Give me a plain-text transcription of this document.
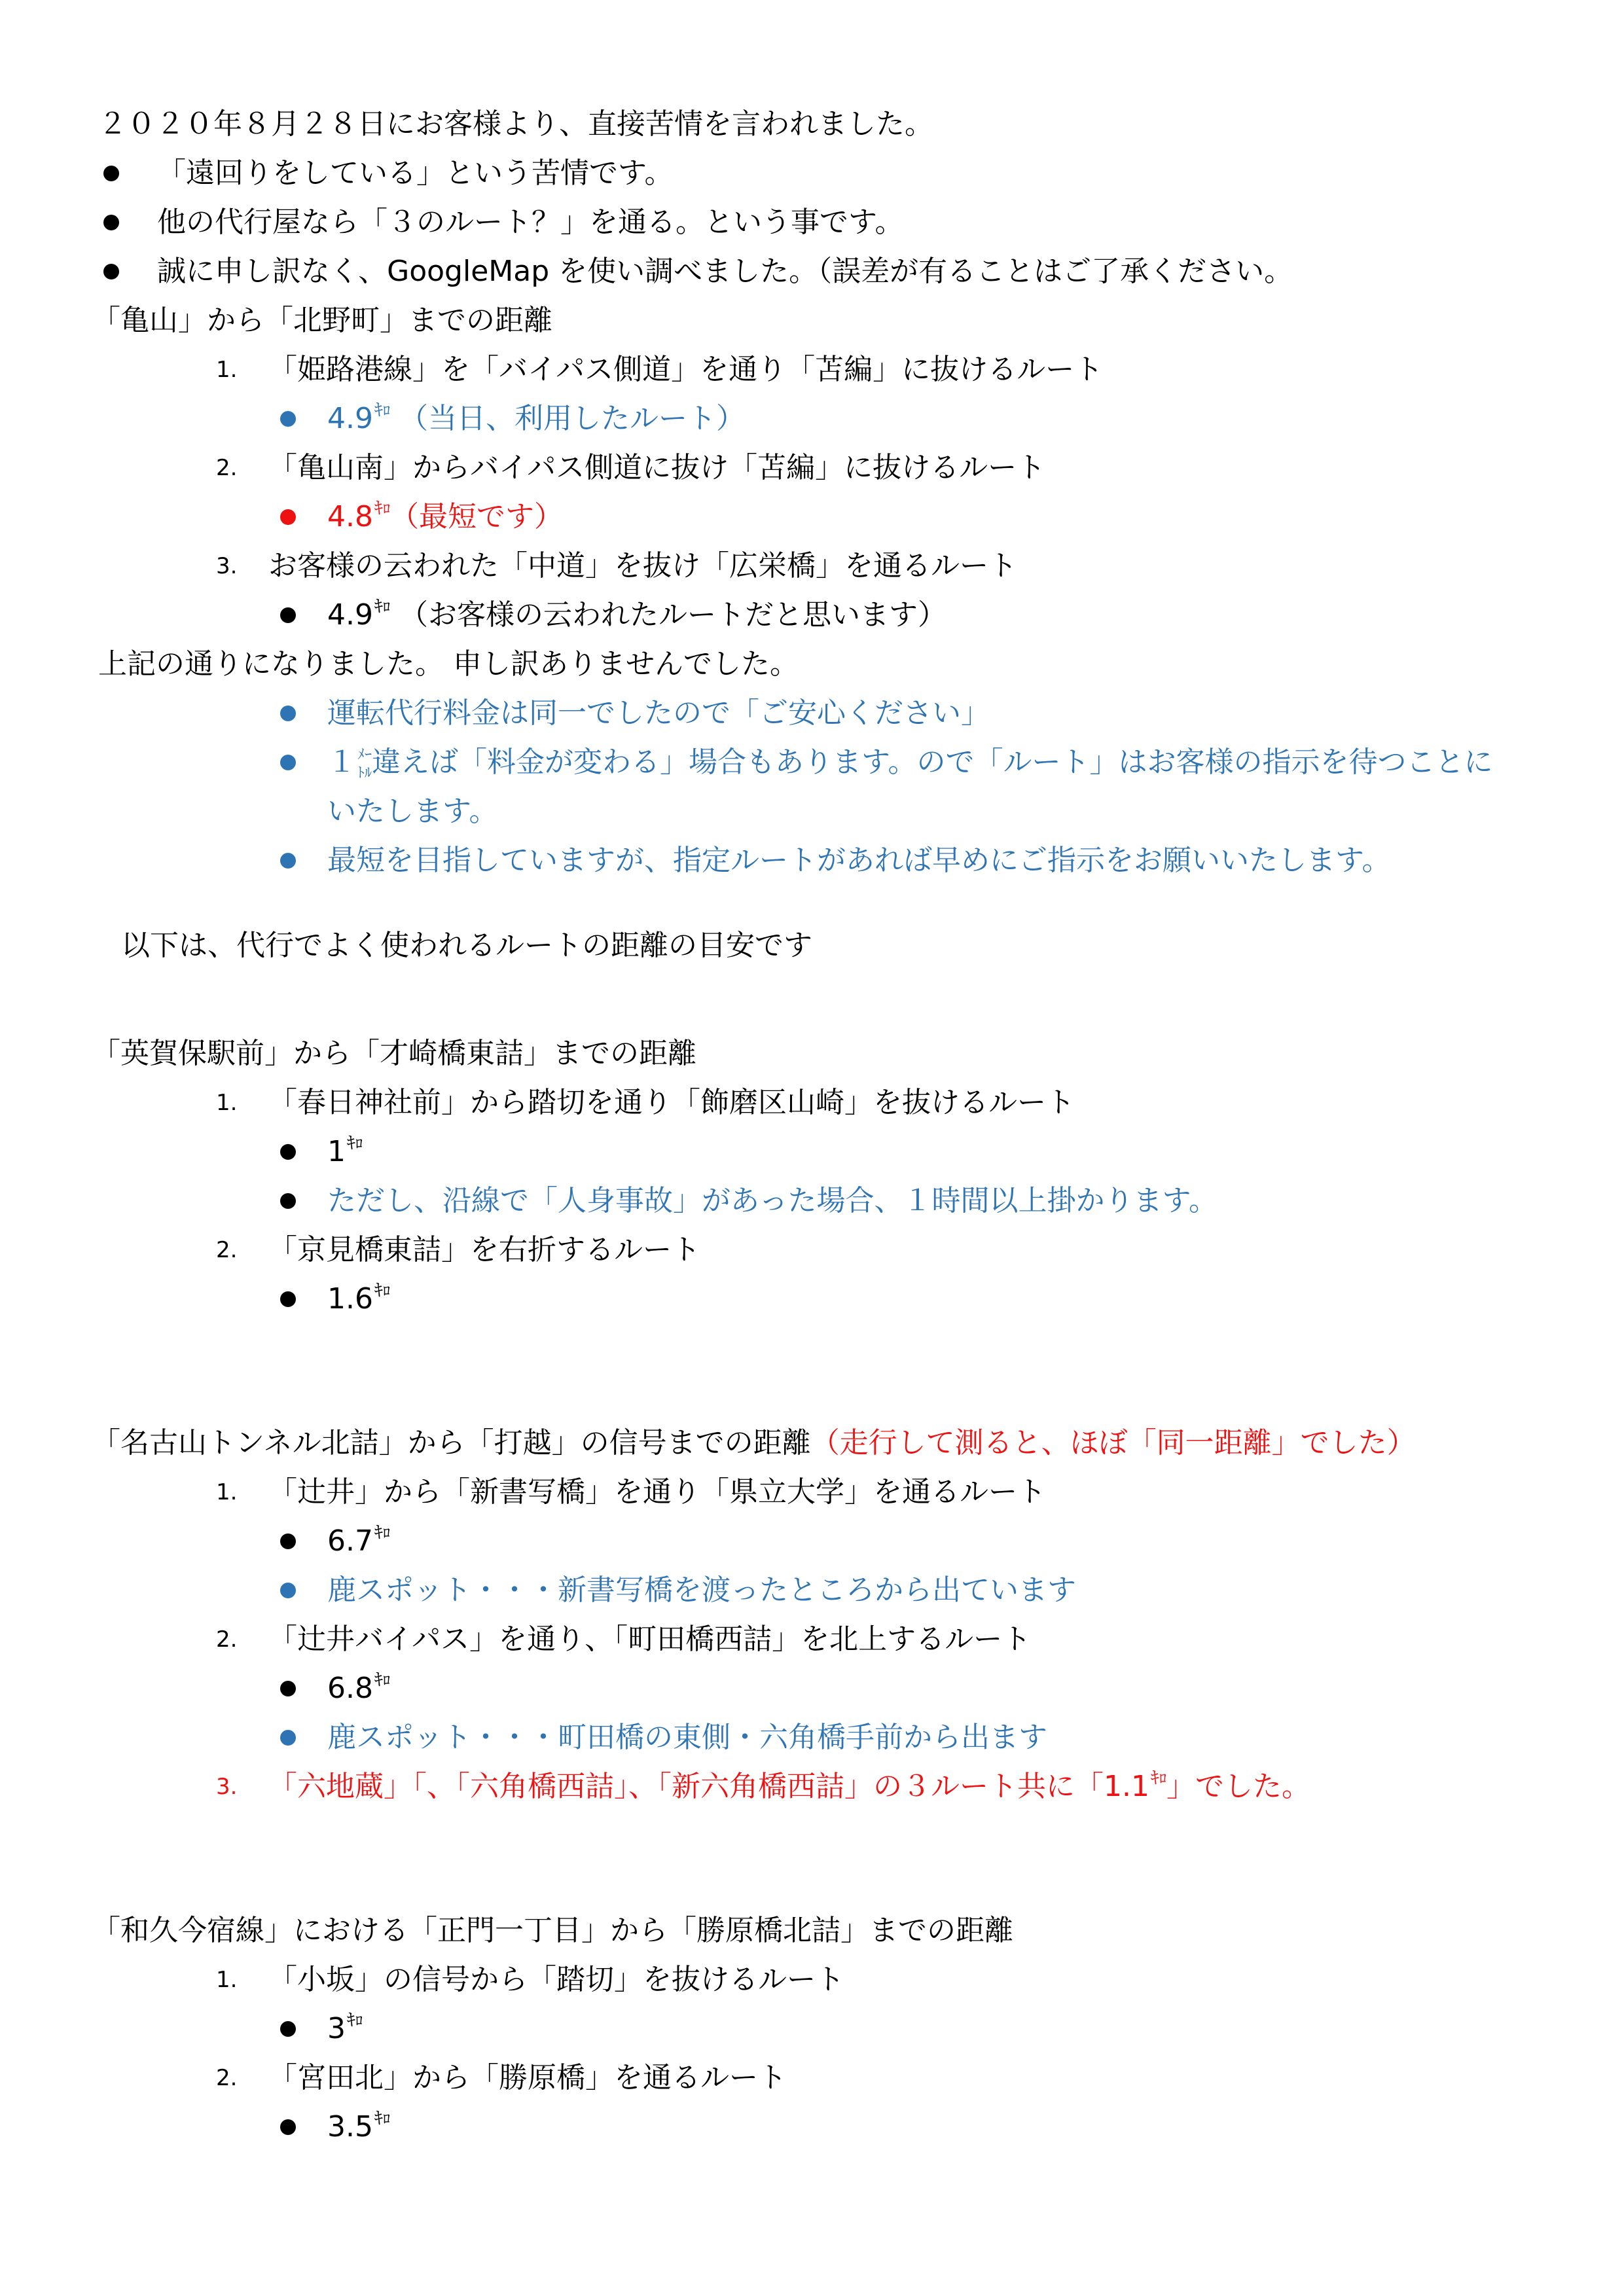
２０２０年８月２８日にお客様より、直接苦情を言われました。
「遠回りをしている」という苦情です。
他の代行屋なら「３のルート？」を通る。という事です。
誠に申し訳なく、GoogleMap を使い調べました。（誤差が有ることはご了承ください。
「亀山」から「北野町」までの距離
1. 「姫路港線」を「バイパス側道」を通り「苫編」に抜けるルート
4.9ｷﾛ （当日、利用したルート）
2. 「亀山南」からバイパス側道に抜け「苫編」に抜けるルート
4.8ｷﾛ（最短です）
3. お客様の云われた「中道」を抜け「広栄橋」を通るルート
4.9ｷﾛ （お客様の云われたルートだと思います）
上記の通りになりました。 申し訳ありませんでした。
運転代行料金は同一でしたので「ご安心ください」
１ﾒｰ
ﾄﾙ違えば「料金が変わる」場合もあります。ので「ルート」はお客様の指示を待つことに
いたします。
最短を目指していますが、指定ルートがあれば早めにご指示をお願いいたします。
以下は、代行でよく使われるルートの距離の目安です
「英賀保駅前」から「才崎橋東詰」までの距離
1. 「春日神社前」から踏切を通り「飾磨区山崎」を抜けるルート
1ｷﾛ
ただし、沿線で「人身事故」があった場合、１時間以上掛かります。
2. 「京見橋東詰」を右折するルート
1.6ｷﾛ
「名古山トンネル北詰」から「打越」の信号までの距離（走行して測ると、ほぼ「同一距離」でした）
1. 「辻井」から「新書写橋」を通り「県立大学」を通るルート
6.7ｷﾛ
鹿スポット・・・新書写橋を渡ったところから出ています
2. 「辻井バイパス」を通り、「町田橋西詰」を北上するルート
6.8ｷﾛ
鹿スポット・・・町田橋の東側・六角橋手前から出ます
3. 「六地蔵」「、「六角橋西詰」、「新六角橋西詰」の３ルート共に「1.1ｷﾛ」でした。
「和久今宿線」における「正門一丁目」から「勝原橋北詰」までの距離
1. 「小坂」の信号から「踏切」を抜けるルート
3ｷﾛ
2. 「宮田北」から「勝原橋」を通るルート
3.5ｷﾛ
